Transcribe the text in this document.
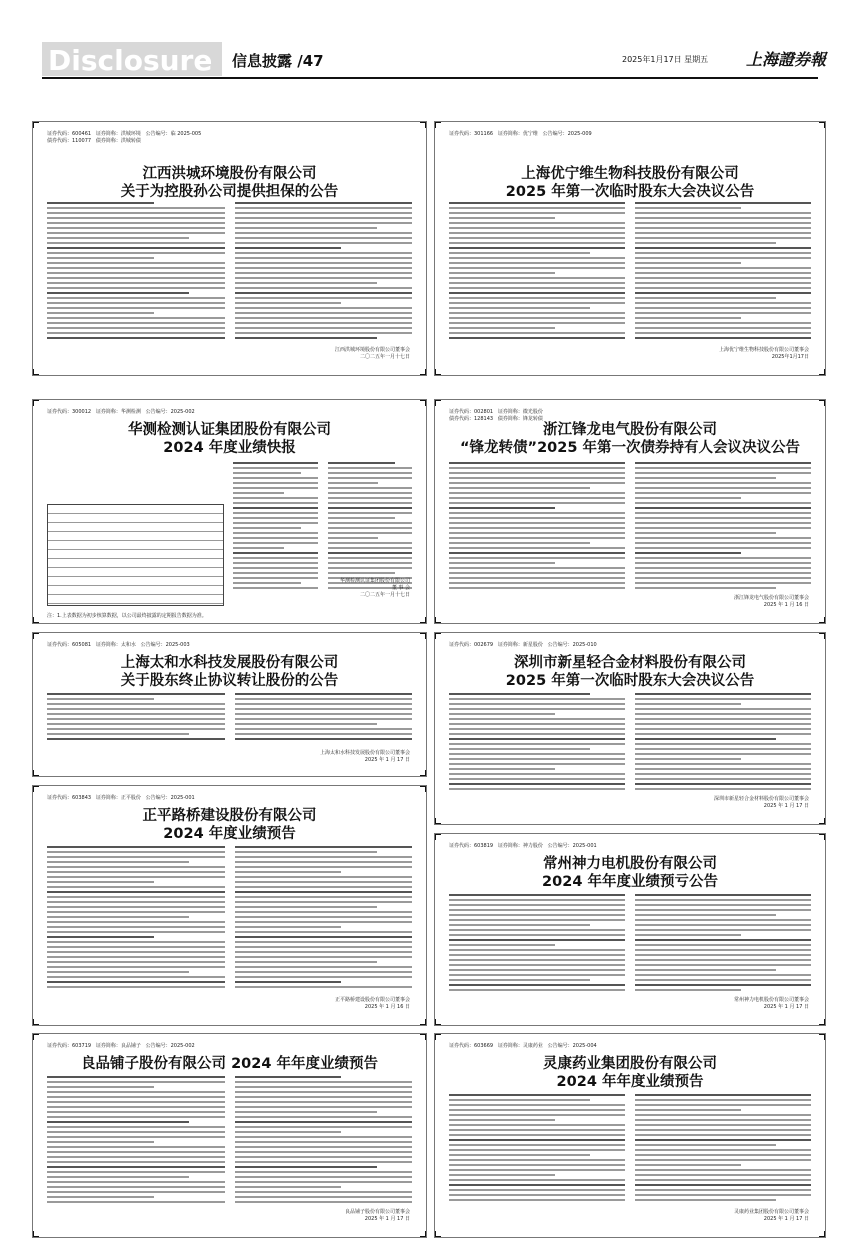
Disclosure 信息披露 /47	2025年1月17日 星期五 上海證券報
证券代码：600461   证券简称：洪城环境   公告编号：临 2025-005
债券代码：110077   债券简称：洪城转债
江西洪城环境股份有限公司
关于为控股孙公司提供担保的公告
江西洪城环境股份有限公司董事会
二〇二五年一月十七日
证券代码：301166   证券简称：优宁维   公告编号：2025-009
上海优宁维生物科技股份有限公司
2025 年第一次临时股东大会决议公告
上海优宁维生物科技股份有限公司董事会
2025年1月17日
证券代码：300012   证券简称：华测检测   公告编号：2025-002
华测检测认证集团股份有限公司
2024 年度业绩快报
华测检测认证集团股份有限公司
董 事 会
二〇二五年一月十七日
注：1.上表数据为初步核算数据，以公司最终披露的定期报告数据为准。
证券代码：002801   证券简称：微光股份
债券代码：128143   债券简称：锋龙转债
浙江锋龙电气股份有限公司
“锋龙转债”2025 年第一次债券持有人会议决议公告
浙江锋龙电气股份有限公司董事会
2025 年 1 月 16 日
证券代码：605081   证券简称：太和水   公告编号：2025-003
上海太和水科技发展股份有限公司
关于股东终止协议转让股份的公告
上海太和水科技发展股份有限公司董事会
2025 年 1 月 17 日
证券代码：002679   证券简称：新星股份   公告编号：2025-010
深圳市新星轻合金材料股份有限公司
2025 年第一次临时股东大会决议公告
深圳市新星轻合金材料股份有限公司董事会
2025 年 1 月 17 日
证券代码：603843   证券简称：正平股份   公告编号：2025-001
正平路桥建设股份有限公司
2024 年度业绩预告
正平路桥建设股份有限公司董事会
2025 年 1 月 16 日
证券代码：603819   证券简称：神力股份   公告编号：2025-001
常州神力电机股份有限公司
2024 年年度业绩预亏公告
常州神力电机股份有限公司董事会
2025 年 1 月 17 日
证券代码：603719   证券简称：良品铺子   公告编号：2025-002
良品铺子股份有限公司 2024 年年度业绩预告
良品铺子股份有限公司董事会
2025 年 1 月 17 日
证券代码：603669   证券简称：灵康药业   公告编号：2025-004
灵康药业集团股份有限公司
2024 年年度业绩预告
灵康药业集团股份有限公司董事会
2025 年 1 月 17 日
